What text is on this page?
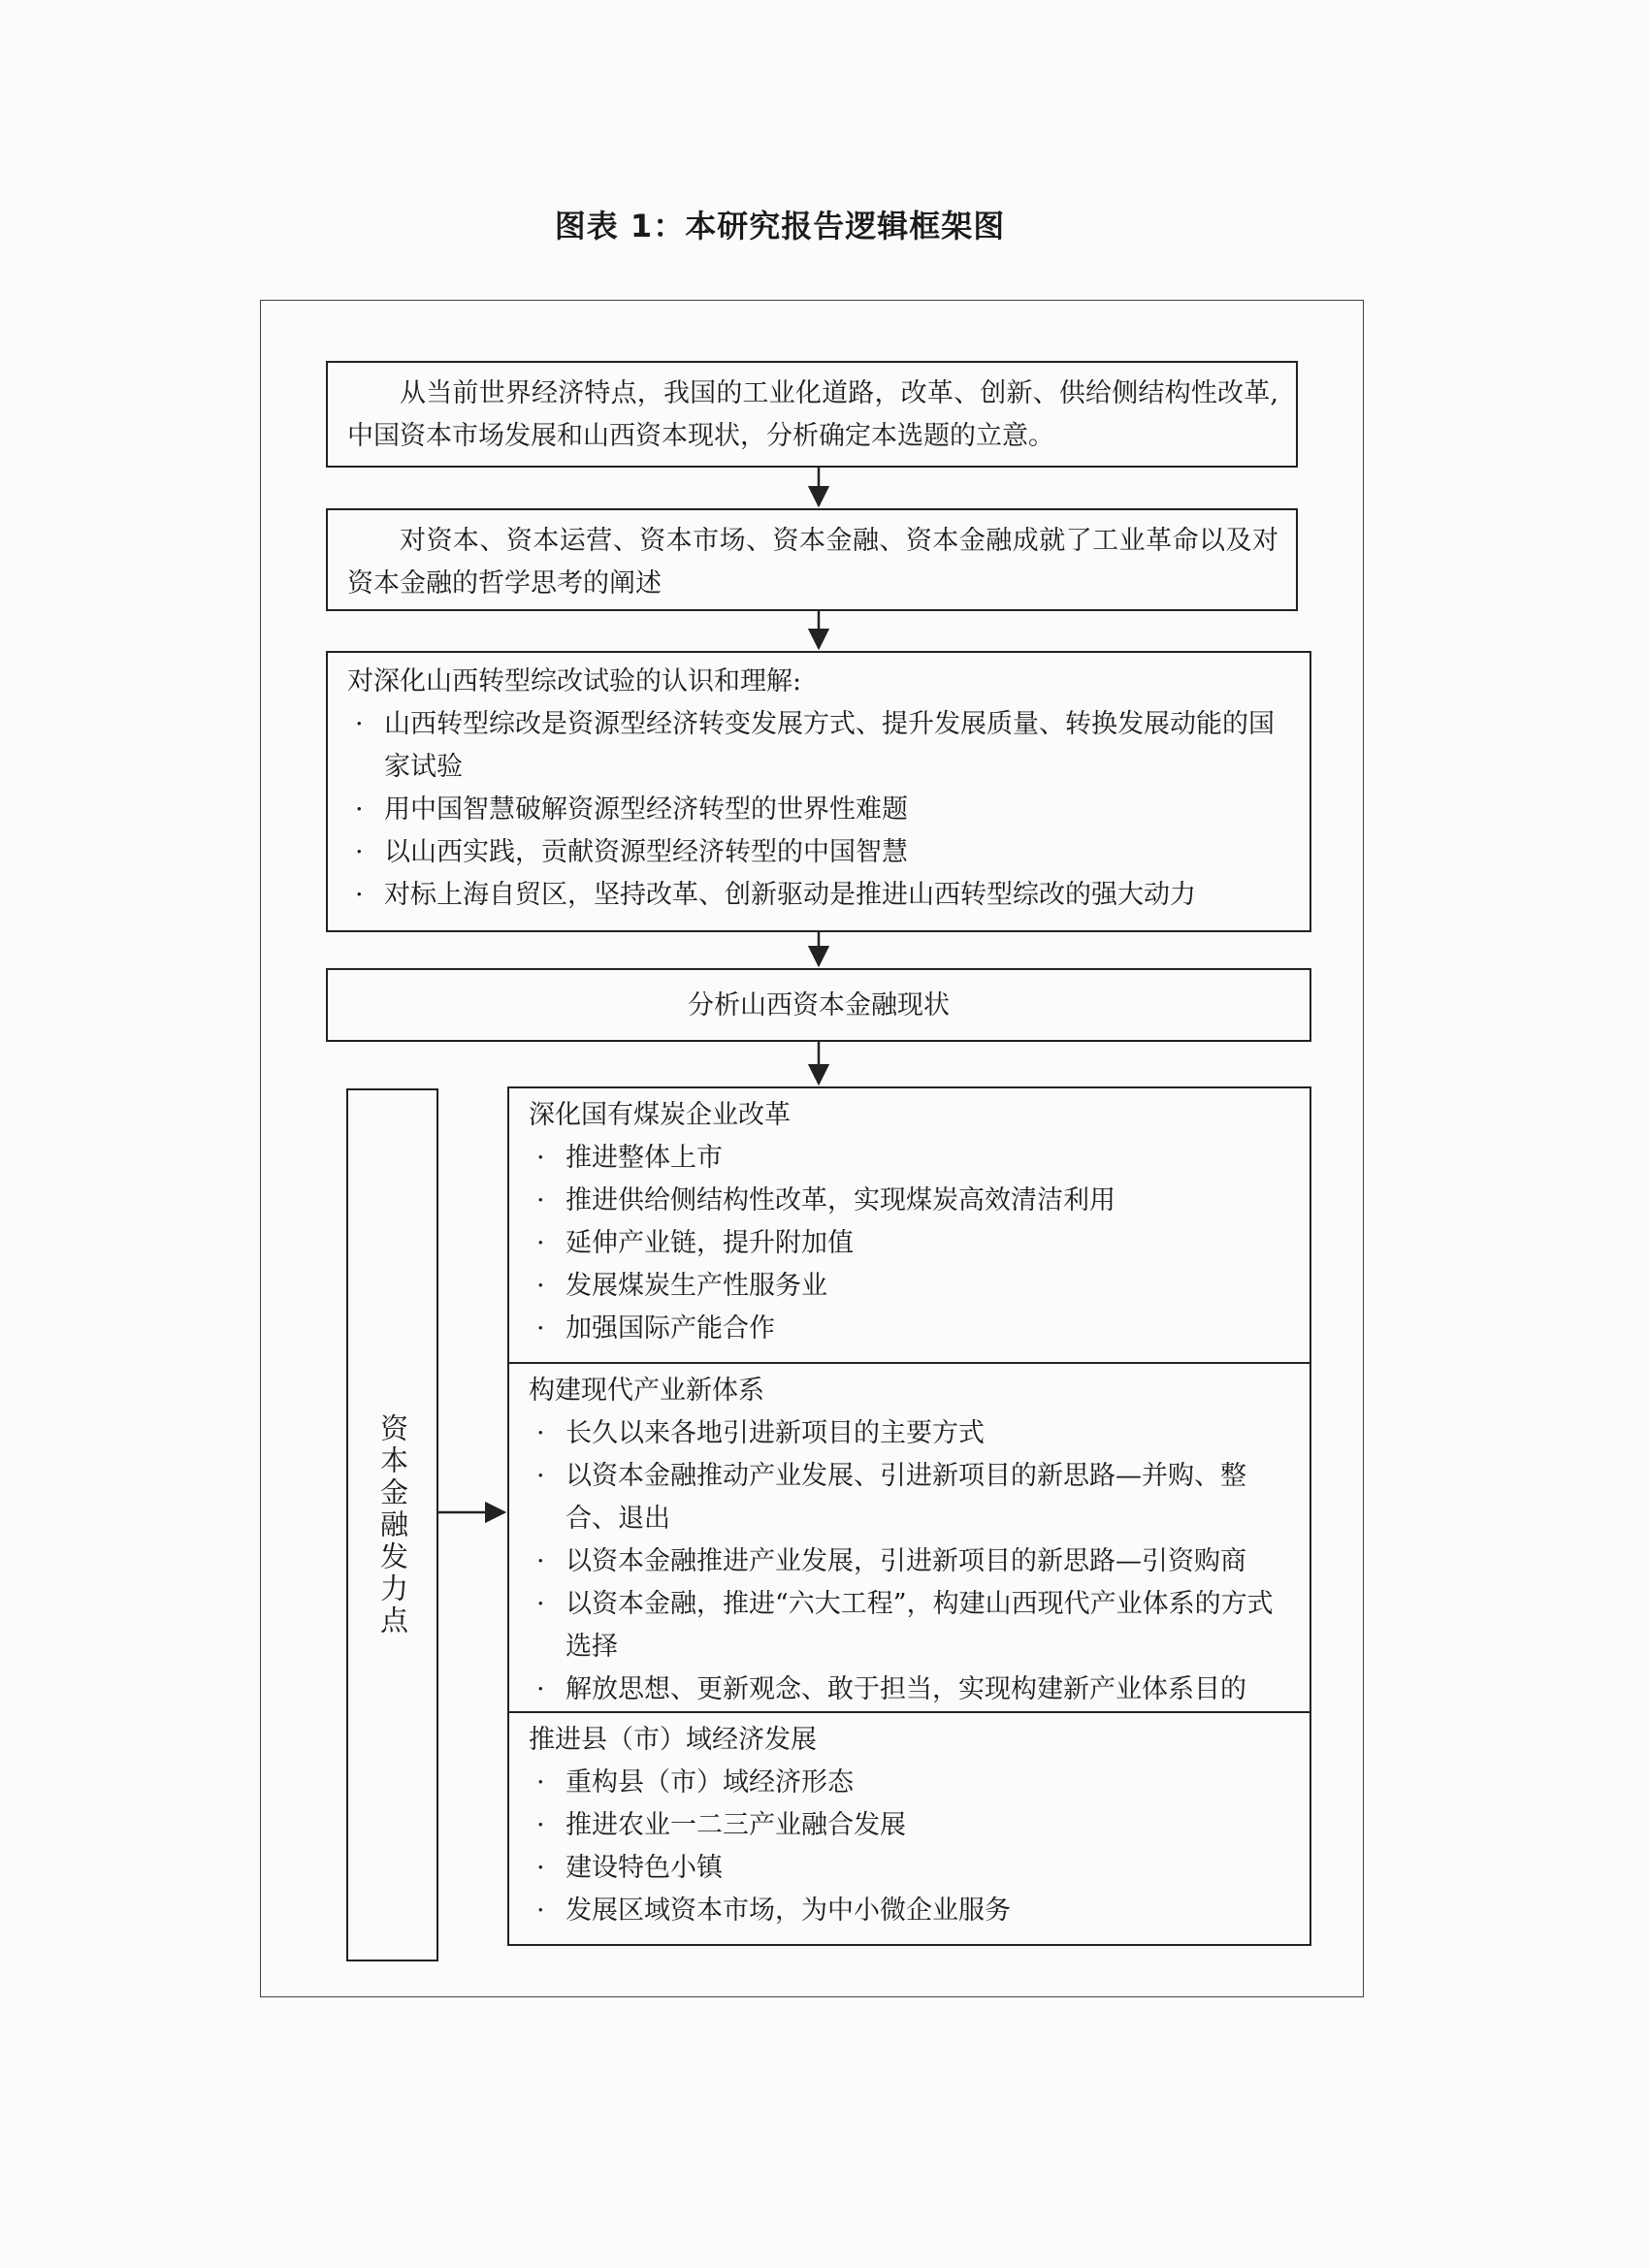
图表 1：本研究报告逻辑框架图

从当前世界经济特点，我国的工业化道路，改革、创新、供给侧结构性改革,中国资本市场发展和山西资本现状，分析确定本选题的立意。

对资本、资本运营、资本市场、资本金融、资本金融成就了工业革命以及对资本金融的哲学思考的阐述

对深化山西转型综改试验的认识和理解:

· 山西转型综改是资源型经济转变发展方式、提升发展质量、转换发展动能的国家试验
· 用中国智慧破解资源型经济转型的世界性难题
· 以山西实践，贡献资源型经济转型的中国智慧
· 对标上海自贸区，坚持改革、创新驱动是推进山西转型综改的强大动力
分析山西资本金融现状
资本金融发力点

深化国有煤炭企业改革

· 推进整体上市
· 推进供给侧结构性改革，实现煤炭高效清洁利用
· 延伸产业链，提升附加值
· 发展煤炭生产性服务业
· 加强国际产能合作

构建现代产业新体系

· 长久以来各地引进新项目的主要方式
· 以资本金融推动产业发展、引进新项目的新思路—并购、整合、退出
· 以资本金融推进产业发展，引进新项目的新思路—引资购商
· 以资本金融，推进“六大工程”，构建山西现代产业体系的方式选择
· 解放思想、更新观念、敢于担当，实现构建新产业体系目的

推进县（市）域经济发展

· 重构县（市）域经济形态
· 推进农业一二三产业融合发展
· 建设特色小镇
· 发展区域资本市场，为中小微企业服务
